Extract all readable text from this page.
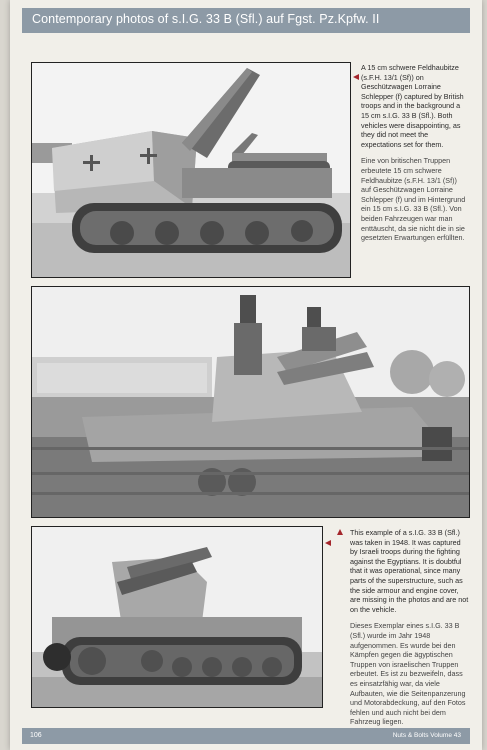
Contemporary photos of s.I.G. 33 B (Sfl.) auf Fgst. Pz.Kpfw. II

A 15 cm schwere Feldhaubitze (s.F.H. 13/1 (Sf)) on Geschützwagen Lorraine Schlepper (f) captured by British troops and in the background a 15 cm s.I.G. 33 B (Sfl.). Both vehicles were disappointing, as they did not meet the expectations set for them.

Eine von britischen Truppen erbeutete 15 cm schwere Feldhaubitze (s.F.H. 13/1 (Sf)) auf Geschützwagen Lorraine Schlepper (f) und im Hintergrund ein 15 cm s.I.G. 33 B (Sfl.). Von beiden Fahrzeugen war man enttäuscht, da sie nicht die in sie gesetzten Erwartungen erfüllten.

This example of a s.I.G. 33 B (Sfl.) was taken in 1948. It was captured by Israeli troops during the fighting against the Egyptians. It is doubtful that it was operational, since many parts of the superstructure, such as the side armour and engine cover, are missing in the photos and are not on the vehicle.

Dieses Exemplar eines s.I.G. 33 B (Sfl.) wurde im Jahr 1948 aufgenommen. Es wurde bei den Kämpfen gegen die ägyptischen Truppen von israelischen Truppen erbeutet. Es ist zu bezweifeln, dass es einsatzfähig war, da viele Aufbauten, wie die Seitenpanzerung und Motorabdeckung, auf den Fotos fehlen und auch nicht bei dem Fahrzeug liegen.

106	Nuts & Bolts Volume 43
